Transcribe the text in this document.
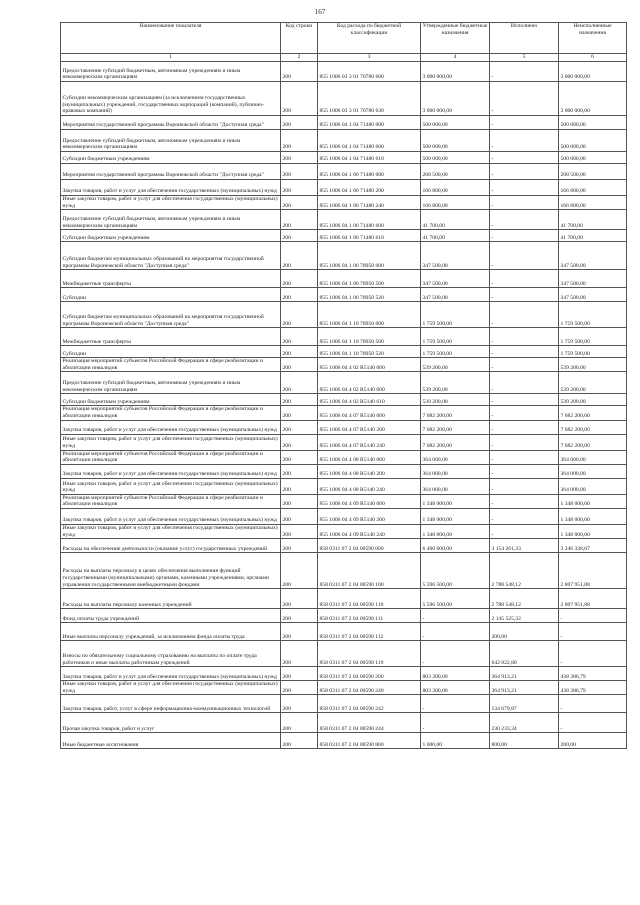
167
Наименование показателя	Код строки	Код расхода по бюджетной классификации	Утвержденные бюджетные назначения	Исполнено	Неисполненные назначения
1	2	3	4	5	6
Предоставление субсидий бюджетным, автономным учреждениям и иным некоммерческим организациям	200	855 1006 03 3 01 70780 600	3 000 000,00	-	3 000 000,00
Субсидии некоммерческим организациям (за исключением государственных (муниципальных) учреждений, государственных корпораций (компаний), публично-правовых компаний)	200	855 1006 03 3 01 70780 630	3 000 000,00	-	3 000 000,00
Мероприятия государственной программы Воронежской области "Доступная среда"	200	855 1006 04 1 04 71480 000	500 000,00	-	500 000,00
Предоставление субсидий бюджетным, автономным учреждениям и иным некоммерческим организациям	200	855 1006 04 1 04 71480 600	500 000,00	-	500 000,00
Субсидии бюджетным учреждениям	200	855 1006 04 1 04 71480 610	500 000,00	-	500 000,00
Мероприятия государственной программы Воронежской области "Доступная среда"	200	855 1006 04 1 06 71480 000	208 500,00	-	208 500,00
Закупка товаров, работ и услуг для обеспечения государственных (муниципальных) нужд	200	855 1006 04 1 06 71480 200	166 800,00	-	166 800,00
Иные закупки товаров, работ и услуг для обеспечения государственных (муниципальных) нужд	200	855 1006 04 1 06 71480 240	166 800,00	-	166 800,00
Предоставление субсидий бюджетным, автономным учреждениям и иным некоммерческим организациям	200	855 1006 04 1 06 71480 600	41 700,00	-	41 700,00
Субсидии бюджетным учреждениям	200	855 1006 04 1 06 71480 610	41 700,00	-	41 700,00
Субсидии бюджетам муниципальных образований на мероприятия государственной программы Воронежской области "Доступная среда"	200	855 1006 04 1 06 78950 000	347 500,00	-	347 500,00
Межбюджетные трансферты	200	855 1006 04 1 06 78950 500	347 500,00	-	347 500,00
Субсидии	200	855 1006 04 1 06 78950 520	347 500,00	-	347 500,00
Субсидии бюджетам муниципальных образований на мероприятия государственной программы Воронежской области "Доступная среда"	200	855 1006 04 1 10 78950 000	1 759 500,00	-	1 759 500,00
Межбюджетные трансферты	200	855 1006 04 1 10 78950 500	1 759 500,00	-	1 759 500,00
Субсидии	200	855 1006 04 1 10 78950 520	1 759 500,00	-	1 759 500,00
Реализация мероприятий субъектов Российской Федерации в сфере реабилитации и абилитации инвалидов	200	855 1006 04 4 02 R5140 000	539 200,00	-	539 200,00
Предоставление субсидий бюджетным, автономным учреждениям и иным некоммерческим организациям	200	855 1006 04 4 02 R5140 600	539 200,00	-	539 200,00
Субсидии бюджетным учреждениям	200	855 1006 04 4 02 R5140 610	539 200,00	-	539 200,00
Реализация мероприятий субъектов Российской Федерации в сфере реабилитации и абилитации инвалидов	200	855 1006 04 4 07 R5140 000	7 682 200,00	-	7 682 200,00
Закупка товаров, работ и услуг для обеспечения государственных (муниципальных) нужд	200	855 1006 04 4 07 R5140 200	7 682 200,00	-	7 682 200,00
Иные закупки товаров, работ и услуг для обеспечения государственных (муниципальных) нужд	200	855 1006 04 4 07 R5140 240	7 682 200,00	-	7 682 200,00
Реализация мероприятий субъектов Российской Федерации в сфере реабилитации и абилитации инвалидов	200	855 1006 04 4 08 R5140 000	364 000,00	-	364 000,00
Закупка товаров, работ и услуг для обеспечения государственных (муниципальных) нужд	200	855 1006 04 4 08 R5140 200	364 000,00	-	364 000,00
Иные закупки товаров, работ и услуг для обеспечения государственных (муниципальных) нужд	200	855 1006 04 4 08 R5140 240	364 000,00	-	364 000,00
Реализация мероприятий субъектов Российской Федерации в сфере реабилитации и абилитации инвалидов	200	855 1006 04 4 09 R5140 000	1 348 000,00	-	1 348 000,00
Закупка товаров, работ и услуг для обеспечения государственных (муниципальных) нужд	200	855 1006 04 4 09 R5140 200	1 348 000,00	-	1 348 000,00
Иные закупки товаров, работ и услуг для обеспечения государственных (муниципальных) нужд	200	855 1006 04 4 09 R5140 240	1 348 000,00	-	1 348 000,00
Расходы на обеспечение деятельности (оказание услуг) государственных учреждений	200	858 0311 07 2 04 00590 000	6 400 600,00	3 154 261,33	3 246 338,67
Расходы на выплаты персоналу в целях обеспечения выполнения функций государственными (муниципальными) органами, казенными учреждениями, органами управления государственными внебюджетными фондами	200	858 0311 07 2 04 00590 100	5 596 500,00	2 788 548,12	2 807 951,88
Расходы на выплаты персоналу казенных учреждений	200	858 0311 07 2 04 00590 110	5 596 500,00	2 788 548,12	2 807 951,88
Фонд оплаты труда учреждений	200	858 0311 07 2 04 00590 111	-	2 145 525,32	-
Иные выплаты персоналу учреждений, за исключением фонда оплаты труда	200	858 0311 07 2 04 00590 112	-	200,00	-
Взносы по обязательному социальному страхованию на выплаты по оплате труда работников и иные выплаты работникам учреждений	200	858 0311 07 2 04 00590 119	-	642 822,80	-
Закупка товаров, работ и услуг для обеспечения государственных (муниципальных) нужд	200	858 0311 07 2 04 00590 200	803 300,00	364 913,21	438 386,79
Иные закупки товаров, работ и услуг для обеспечения государственных (муниципальных) нужд	200	858 0311 07 2 04 00590 240	803 300,00	364 913,21	438 386,79
Закупка товаров, работ, услуг в сфере информационно-коммуникационных технологий	200	858 0311 07 2 04 00590 242	-	134 679,87	-
Прочая закупка товаров, работ и услуг	200	858 0311 07 2 04 00590 244	-	230 233,34	-
Иные бюджетные ассигнования	200	858 0311 07 2 04 00590 800	1 000,00	800,00	200,00
